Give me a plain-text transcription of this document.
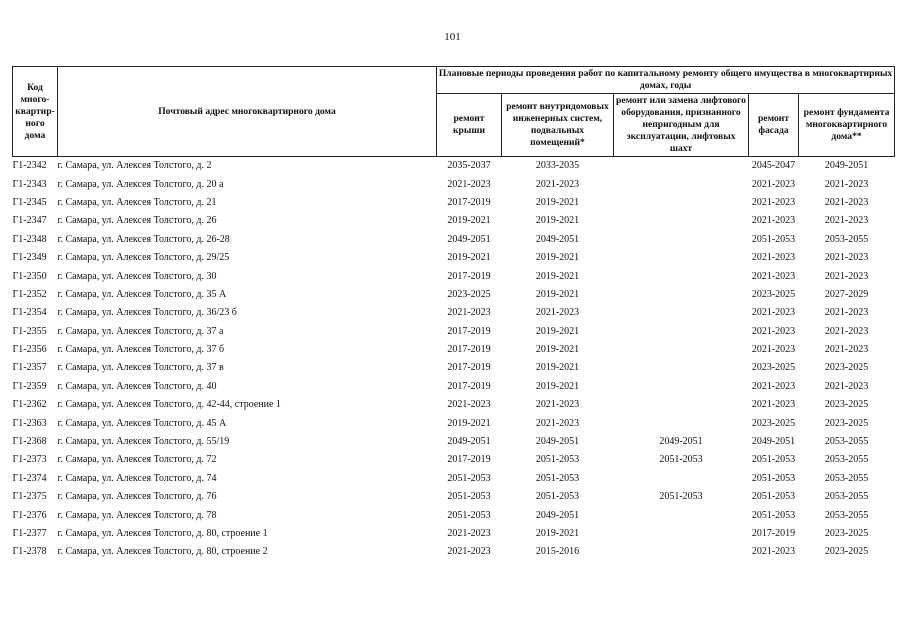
101
Код много-квартир-ного дома	Почтовый адрес многоквартирного дома	Плановые периоды проведения работ по капитальному ремонту общего имущества в многоквартирных домах, годы				
		ремонт крыши	ремонт внутридомовых инженерных систем, подвальных помещений*	ремонт или замена лифтового оборудования, признанного непригодным для эксплуатации, лифтовых шахт	ремонт фасада	ремонт фундамента многоквартирного дома**
Г1-2342	г. Самара, ул. Алексея Толстого, д. 2	2035-2037	2033-2035		2045-2047	2049-2051
Г1-2343	г. Самара, ул. Алексея Толстого, д. 20 а	2021-2023	2021-2023		2021-2023	2021-2023
Г1-2345	г. Самара, ул. Алексея Толстого, д. 21	2017-2019	2019-2021		2021-2023	2021-2023
Г1-2347	г. Самара, ул. Алексея Толстого, д. 26	2019-2021	2019-2021		2021-2023	2021-2023
Г1-2348	г. Самара, ул. Алексея Толстого, д. 26-28	2049-2051	2049-2051		2051-2053	2053-2055
Г1-2349	г. Самара, ул. Алексея Толстого, д. 29/25	2019-2021	2019-2021		2021-2023	2021-2023
Г1-2350	г. Самара, ул. Алексея Толстого, д. 30	2017-2019	2019-2021		2021-2023	2021-2023
Г1-2352	г. Самара, ул. Алексея Толстого, д. 35 А	2023-2025	2019-2021		2023-2025	2027-2029
Г1-2354	г. Самара, ул. Алексея Толстого, д. 36/23 б	2021-2023	2021-2023		2021-2023	2021-2023
Г1-2355	г. Самара, ул. Алексея Толстого, д. 37 а	2017-2019	2019-2021		2021-2023	2021-2023
Г1-2356	г. Самара, ул. Алексея Толстого, д. 37 б	2017-2019	2019-2021		2021-2023	2021-2023
Г1-2357	г. Самара, ул. Алексея Толстого, д. 37 в	2017-2019	2019-2021		2023-2025	2023-2025
Г1-2359	г. Самара, ул. Алексея Толстого, д. 40	2017-2019	2019-2021		2021-2023	2021-2023
Г1-2362	г. Самара, ул. Алексея Толстого, д. 42-44, строение 1	2021-2023	2021-2023		2021-2023	2023-2025
Г1-2363	г. Самара, ул. Алексея Толстого, д. 45 А	2019-2021	2021-2023		2023-2025	2023-2025
Г1-2368	г. Самара, ул. Алексея Толстого, д. 55/19	2049-2051	2049-2051	2049-2051	2049-2051	2053-2055
Г1-2373	г. Самара, ул. Алексея Толстого, д. 72	2017-2019	2051-2053	2051-2053	2051-2053	2053-2055
Г1-2374	г. Самара, ул. Алексея Толстого, д. 74	2051-2053	2051-2053		2051-2053	2053-2055
Г1-2375	г. Самара, ул. Алексея Толстого, д. 76	2051-2053	2051-2053	2051-2053	2051-2053	2053-2055
Г1-2376	г. Самара, ул. Алексея Толстого, д. 78	2051-2053	2049-2051		2051-2053	2053-2055
Г1-2377	г. Самара, ул. Алексея Толстого, д. 80, строение 1	2021-2023	2019-2021		2017-2019	2023-2025
Г1-2378	г. Самара, ул. Алексея Толстого, д. 80, строение 2	2021-2023	2015-2016		2021-2023	2023-2025
